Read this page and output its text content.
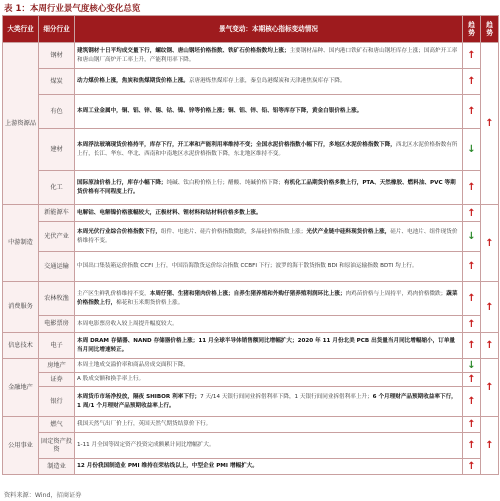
表 1：本周行业景气度核心变化总览
大类行业	细分行业	景气变动：本期核心指标变动情况	趋势	趋势
上游资源品	钢材	建筑钢材十日平均成交量下行，螺纹钢、唐山钢坯价格指数、铁矿石价格指数均上涨；主要钢材品种、国内港口铁矿石和唐山钢坯库存上涨；国高炉开工率和唐山钢厂高炉开工率上升，产能利用率下降。	↑	↑
	煤炭	动力煤价格上涨，焦炭和焦煤期货价格上涨。京唐港炼焦煤库存上涨，秦皇岛港煤炭和天津港焦炭库存下降。	↑	
	有色	本周工业金属中，铜、铝、锌、锡、钴、镍、锌等价格上涨；铜、铝、锌、铅、铝等库存下降，黄金白银价格上涨。	↑	
	建材	本周浮法玻璃现货价格持平，库存下行，开工率和产能利用率维持不变；全国水泥价格指数小幅下行，多地区水泥价格指数下降，西北区水泥价格指数有所上行，长江、华东、华北、西南和中南地区水泥价格指数下降，东北地区维持不变。	↓	
	化工	国际原油价格上行，库存小幅下降；纯碱、钛白粉价格上行；醋酸、纯碱价格下降；有机化工品期货价格多数上行，PTA、天然橡胶、燃料油、PVC 等期货价格有不同程度上行。	↑	
中游制造	新能源车	电解钴、电解镍价格涨幅较大，正极材料、锂材料和钴材料价格多数上涨。	↑	↑
	光伏产业	本周光伏行业综合价格指数下行，组件、电池片、硅片价格指数微跌，多晶硅价格指数上涨；光伏产业链中硅料现货价格上涨，硅片、电池片、组件现货价格维持不变。	↓	
	交通运输	中国出口集装箱运价指数 CCFI 上行，中国沿海散货运价综合指数 CCBFI 下行；波罗的海干散货指数 BDI 和原油运输指数 BDTI 均上行。	↑	
消费服务	农林牧渔	主产区生鲜乳价格维持不变，本周仔猪、生猪和猪肉价格上涨；自养生猪养殖和外购仔猪养殖利润环比上涨；肉鸡苗价格与上周持平，鸡肉价格微跌；蔬菜价格指数上行，棉花和玉米期货价格上涨。	↑	↑
	电影票房	本周电影票房收入较上周提升幅度较大。	↑	
信息技术	电子	本周 DRAM 存储器、NAND 存储器价格上涨；11 月全球半导体销售额同比增幅扩大；2020 年 11 月份北美 PCB 出货量当月同比增幅缩小，订单量当月同比增速转正。	↑	↑
金融地产	房地产	本周土地成交溢价率和商品房成交面积下降。	↓	↑
	证券	A 股成交额和换手率上行。	↑	
	银行	本周货币市场净投放，隔夜 SHIBOR 利率下行；7 天/14 天银行间同业拆借利率下降，1 天银行间同业拆借利率上升；6 个月理财产品预期收益率下行，1 周/1 个月理财产品预期收益率上行。	↑	
公用事业	燃气	我国天然气出厂价上行，英国天然气期货结算价下行。	↑	↑
	固定资产投资	1-11 月全国等固定资产投资完成额累计同比增幅扩大。	↑	
	制造业	12 月份我国制造业 PMI 维持在荣枯线以上，中型企业 PMI 增幅扩大。	↑	
资料来源：Wind，招商证券
